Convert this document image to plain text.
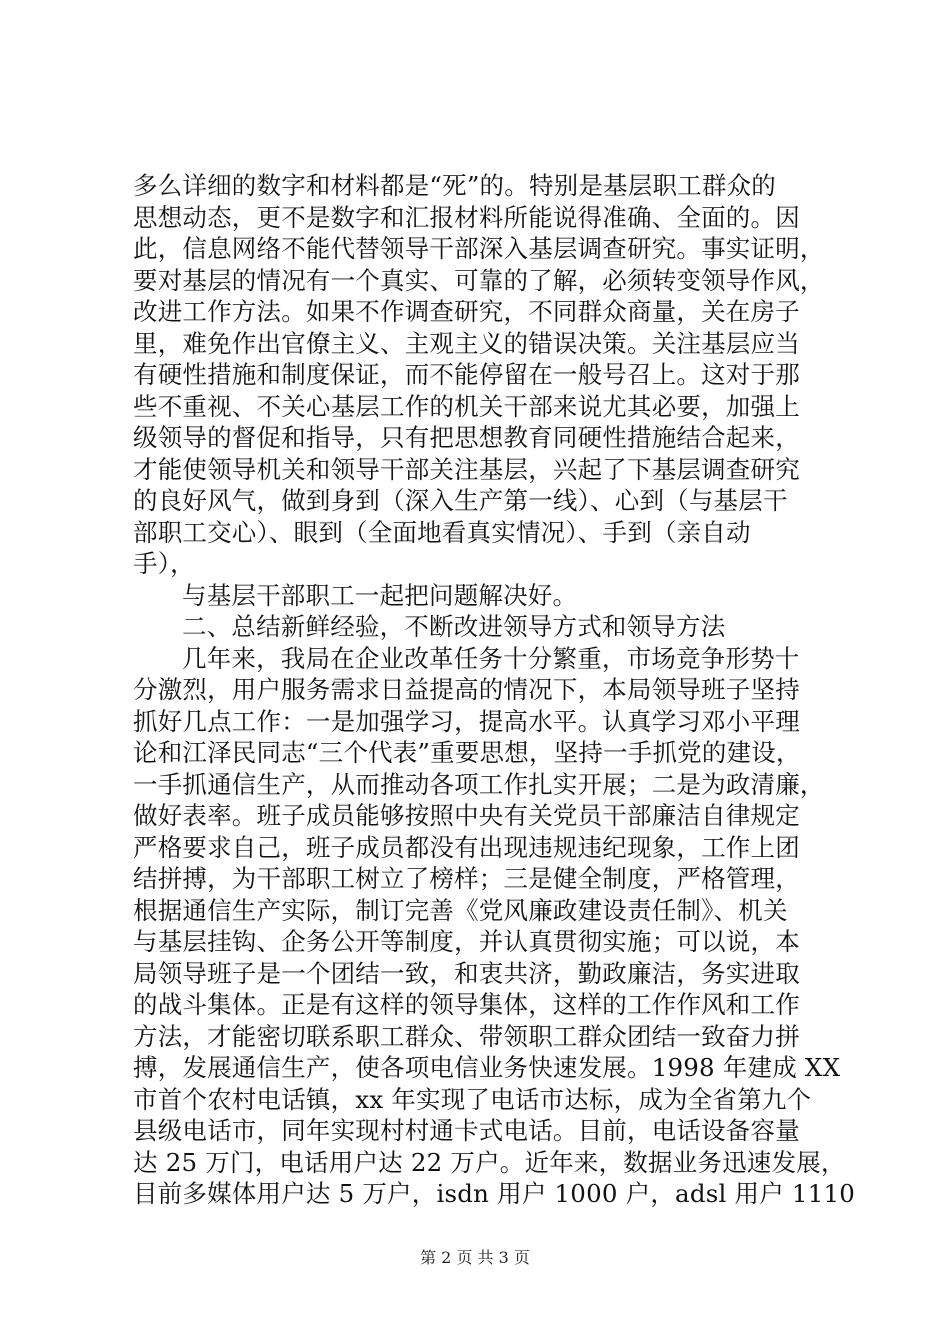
多么详细的数字和材料都是“死”的。特别是基层职工群众的
思想动态，更不是数字和汇报材料所能说得准确、全面的。因
此，信息网络不能代替领导干部深入基层调查研究。事实证明，
要对基层的情况有一个真实、可靠的了解，必须转变领导作风，
改进工作方法。如果不作调查研究，不同群众商量，关在房子
里，难免作出官僚主义、主观主义的错误决策。关注基层应当
有硬性措施和制度保证，而不能停留在一般号召上。这对于那
些不重视、不关心基层工作的机关干部来说尤其必要，加强上
级领导的督促和指导，只有把思想教育同硬性措施结合起来，
才能使领导机关和领导干部关注基层，兴起了下基层调查研究
的良好风气，做到身到（深入生产第一线）、心到（与基层干
部职工交心）、眼到（全面地看真实情况）、手到（亲自动
手），
与基层干部职工一起把问题解决好。
二、总结新鲜经验，不断改进领导方式和领导方法
几年来，我局在企业改革任务十分繁重，市场竞争形势十
分激烈，用户服务需求日益提高的情况下，本局领导班子坚持
抓好几点工作：一是加强学习，提高水平。认真学习邓小平理
论和江泽民同志“三个代表”重要思想，坚持一手抓党的建设，
一手抓通信生产，从而推动各项工作扎实开展；二是为政清廉，
做好表率。班子成员能够按照中央有关党员干部廉洁自律规定
严格要求自己，班子成员都没有出现违规违纪现象，工作上团
结拼搏，为干部职工树立了榜样；三是健全制度，严格管理，
根据通信生产实际，制订完善《党风廉政建设责任制》、机关
与基层挂钩、企务公开等制度，并认真贯彻实施；可以说，本
局领导班子是一个团结一致，和衷共济，勤政廉洁，务实进取
的战斗集体。正是有这样的领导集体，这样的工作作风和工作
方法，才能密切联系职工群众、带领职工群众团结一致奋力拼
搏，发展通信生产，使各项电信业务快速发展。1998 年建成 XX
市首个农村电话镇，xx 年实现了电话市达标，成为全省第九个
县级电话市，同年实现村村通卡式电话。目前，电话设备容量
达 25 万门，电话用户达 22 万户。近年来，数据业务迅速发展，
目前多媒体用户达 5 万户，isdn 用户 1000 户，adsl 用户 1110
第 2 页 共 3 页
